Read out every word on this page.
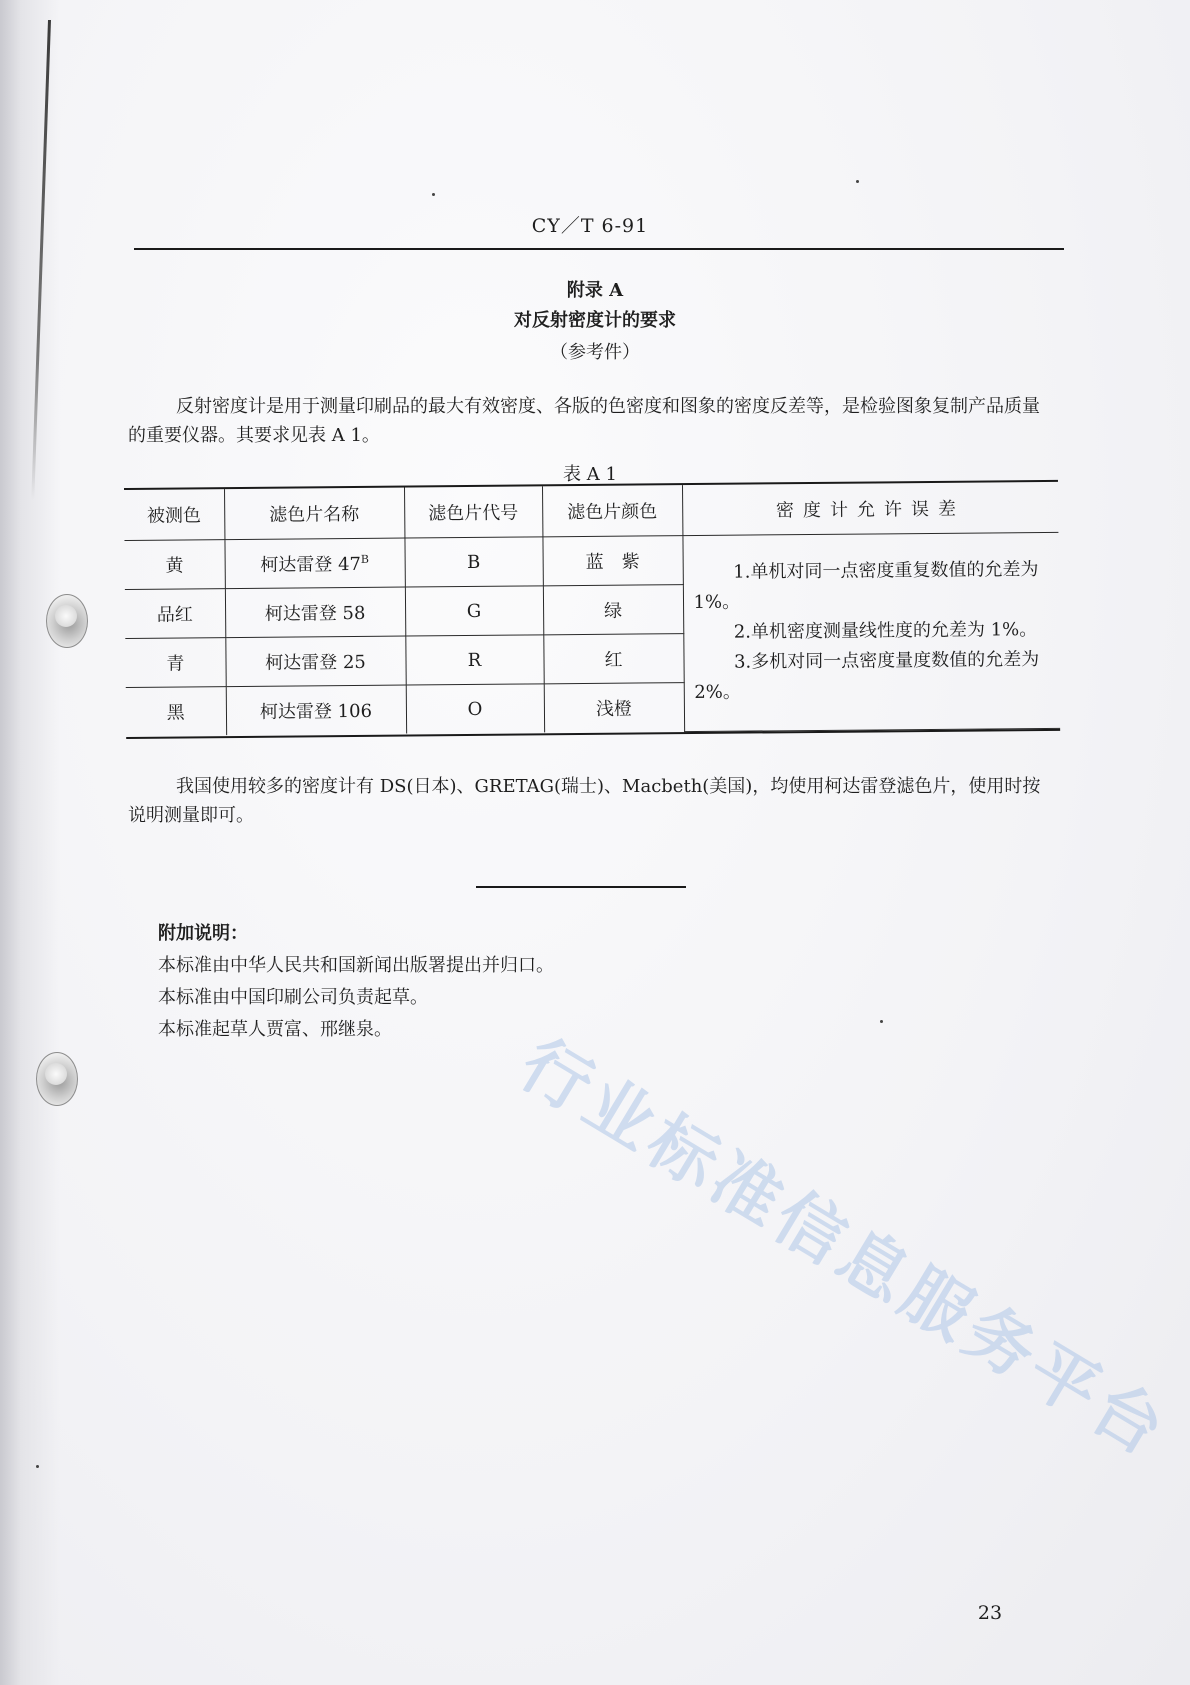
CY／T 6-91
附录 A
对反射密度计的要求
（参考件）
反射密度计是用于测量印刷品的最大有效密度、各版的色密度和图象的密度反差等，是检验图象复制产品质量的重要仪器。其要求见表 A 1。
表 A 1
被测色	滤色片名称	滤色片代号	滤色片颜色	密度计允许误差
黄	柯达雷登 $47^B$	B	蓝　紫	1.单机对同一点密度重复数值的允差为 1%。
2.单机密度测量线性度的允差为 1%。
3.多机对同一点密度量度数值的允差为 2%。

品红	柯达雷登 58	G	绿	
青	柯达雷登 25	R	红	
黑	柯达雷登 106	O	浅橙	
我国使用较多的密度计有 DS(日本)、GRETAG(瑞士)、Macbeth(美国)，均使用柯达雷登滤色片，使用时按说明测量即可。
附加说明：
本标准由中华人民共和国新闻出版署提出并归口。
本标准由中国印刷公司负责起草。
本标准起草人贾富、邢继泉。	行业标准信息服务平台
23
